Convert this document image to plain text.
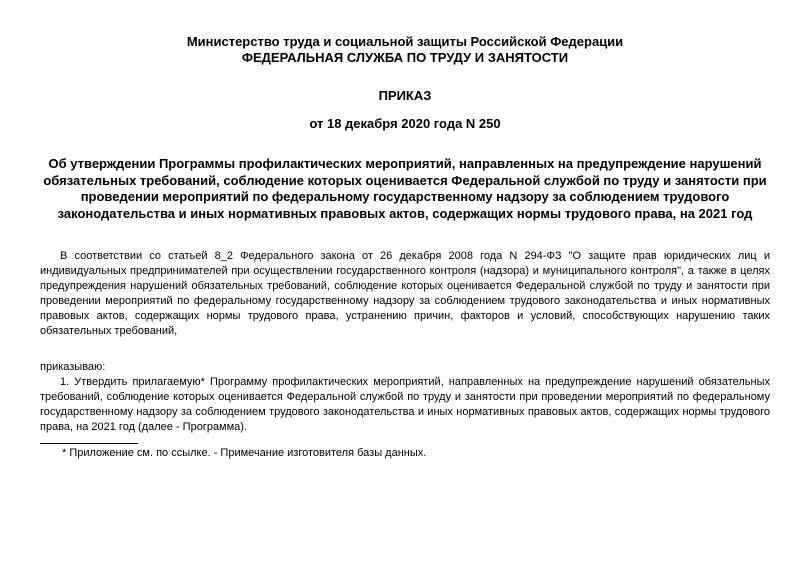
Министерство труда и социальной защиты Российской Федерации
ФЕДЕРАЛЬНАЯ СЛУЖБА ПО ТРУДУ И ЗАНЯТОСТИ
ПРИКАЗ
от 18 декабря 2020 года N 250
Об утверждении Программы профилактических мероприятий, направленных на предупреждение нарушений обязательных требований, соблюдение которых оценивается Федеральной службой по труду и занятости при проведении мероприятий по федеральному государственному надзору за соблюдением трудового законодательства и иных нормативных правовых актов, содержащих нормы трудового права, на 2021 год
В соответствии со статьей 8_2 Федерального закона от 26 декабря 2008 года N 294-ФЗ "О защите прав юридических лиц и индивидуальных предпринимателей при осуществлении государственного контроля (надзора) и муниципального контроля", а также в целях предупреждения нарушений обязательных требований, соблюдение которых оценивается Федеральной службой по труду и занятости при проведении мероприятий по федеральному государственному надзору за соблюдением трудового законодательства и иных нормативных правовых актов, содержащих нормы трудового права, устранению причин, факторов и условий, способствующих нарушению таких обязательных требований,
приказываю:
1. Утвердить прилагаемую* Программу профилактических мероприятий, направленных на предупреждение нарушений обязательных требований, соблюдение которых оценивается Федеральной службой по труду и занятости при проведении мероприятий по федеральному государственному надзору за соблюдением трудового законодательства и иных нормативных правовых актов, содержащих нормы трудового права, на 2021 год (далее - Программа).
* Приложение см. по ссылке. - Примечание изготовителя базы данных.
